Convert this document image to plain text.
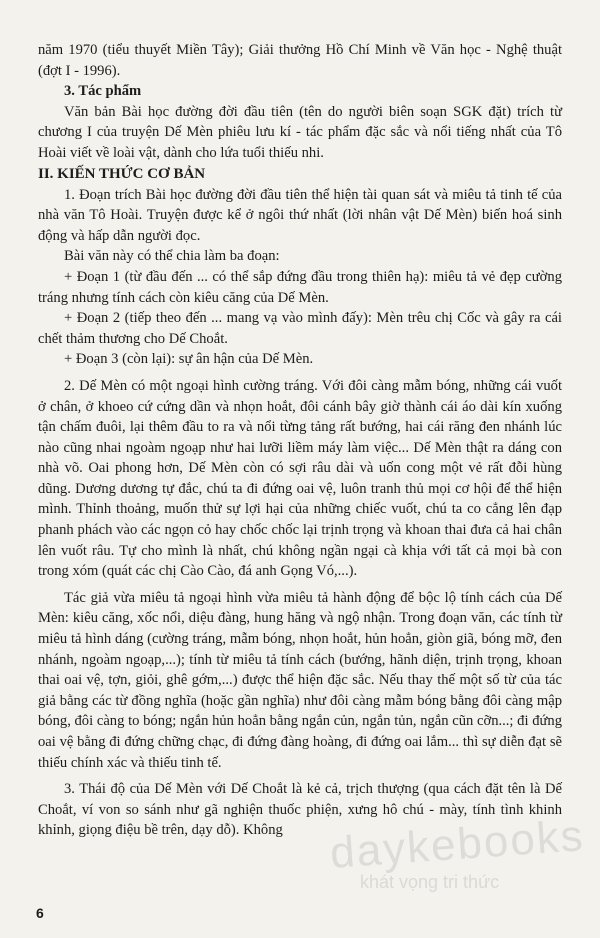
năm 1970 (tiểu thuyết Miền Tây); Giải thưởng Hồ Chí Minh về Văn học - Nghệ thuật (đợt I - 1996).

3. Tác phẩm

Văn bản Bài học đường đời đầu tiên (tên do người biên soạn SGK đặt) trích từ chương I của truyện Dế Mèn phiêu lưu kí - tác phẩm đặc sắc và nổi tiếng nhất của Tô Hoài viết về loài vật, dành cho lứa tuổi thiếu nhi.

II. KIẾN THỨC CƠ BẢN

1. Đoạn trích Bài học đường đời đầu tiên thể hiện tài quan sát và miêu tả tinh tế của nhà văn Tô Hoài. Truyện được kể ở ngôi thứ nhất (lời nhân vật Dế Mèn) biến hoá sinh động và hấp dẫn người đọc.

Bài văn này có thể chia làm ba đoạn:

+ Đoạn 1 (từ đầu đến ... có thể sắp đứng đầu trong thiên hạ): miêu tả vẻ đẹp cường tráng nhưng tính cách còn kiêu căng của Dế Mèn.

+ Đoạn 2 (tiếp theo đến ... mang vạ vào mình đấy): Mèn trêu chị Cốc và gây ra cái chết thảm thương cho Dế Choắt.

+ Đoạn 3 (còn lại): sự ân hận của Dế Mèn.

2. Dế Mèn có một ngoại hình cường tráng. Với đôi càng mẫm bóng, những cái vuốt ở chân, ở khoeo cứ cứng dần và nhọn hoắt, đôi cánh bây giờ thành cái áo dài kín xuống tận chấm đuôi, lại thêm đầu to ra và nổi từng tảng rất bướng, hai cái răng đen nhánh lúc nào cũng nhai ngoàm ngoạp như hai lưỡi liềm máy làm việc... Dế Mèn thật ra dáng con nhà võ. Oai phong hơn, Dế Mèn còn có sợi râu dài và uốn cong một vẻ rất đỗi hùng dũng. Dương dương tự đắc, chú ta đi đứng oai vệ, luôn tranh thủ mọi cơ hội để thể hiện mình. Thỉnh thoảng, muốn thử sự lợi hại của những chiếc vuốt, chú ta co cẳng lên đạp phanh phách vào các ngọn cỏ hay chốc chốc lại trịnh trọng và khoan thai đưa cả hai chân lên vuốt râu. Tự cho mình là nhất, chú không ngần ngại cà khịa với tất cả mọi bà con trong xóm (quát các chị Cào Cào, đá anh Gọng Vó,...).

Tác giả vừa miêu tả ngoại hình vừa miêu tả hành động để bộc lộ tính cách của Dế Mèn: kiêu căng, xốc nổi, diệu đàng, hung hăng và ngộ nhận. Trong đoạn văn, các tính từ miêu tả hình dáng (cường tráng, mẫm bóng, nhọn hoắt, hủn hoẳn, giòn giã, bóng mỡ, đen nhánh, ngoàm ngoạp,...); tính từ miêu tả tính cách (bướng, hãnh diện, trịnh trọng, khoan thai oai vệ, tợn, giỏi, ghê gớm,...) được thể hiện đặc sắc. Nếu thay thế một số từ của tác giả bằng các từ đồng nghĩa (hoặc gần nghĩa) như đôi càng mẫm bóng bằng đôi càng mập bóng, đôi càng to bóng; ngắn hủn hoẳn bằng ngắn củn, ngắn tủn, ngắn cũn cỡn...; đi đứng oai vệ bằng đi đứng chững chạc, đi đứng đàng hoàng, đi đứng oai lắm... thì sự diễn đạt sẽ thiếu chính xác và thiếu tinh tế.

3. Thái độ của Dế Mèn với Dế Choắt là kẻ cả, trịch thượng (qua cách đặt tên là Dế Choắt, ví von so sánh như gã nghiện thuốc phiện, xưng hô chú - mày, tính tình khinh khỉnh, giọng điệu bề trên, dạy dỗ). Không	daykebooks
khát vọng tri thức
6
